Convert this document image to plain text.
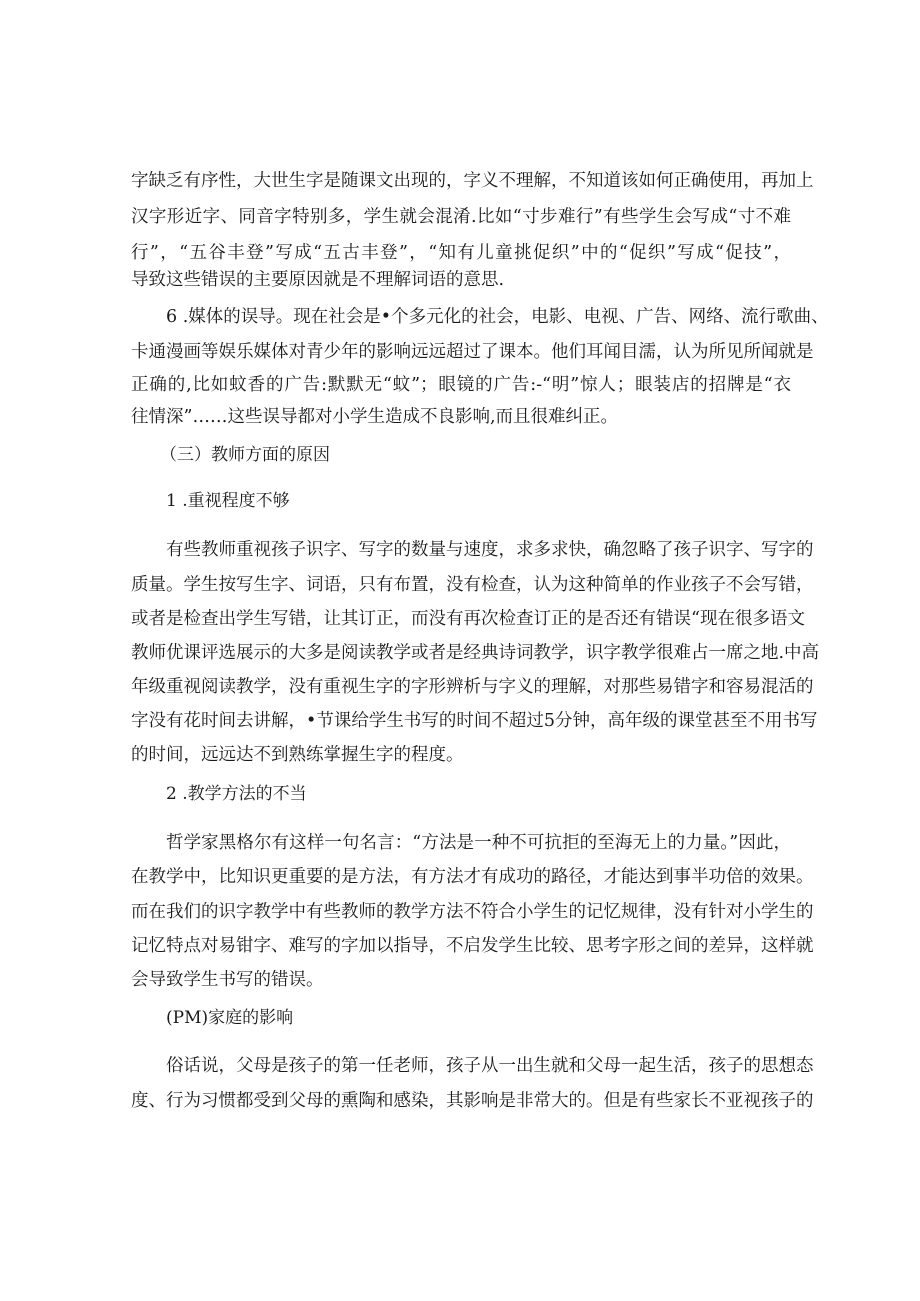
字缺乏有序性，大世生字是随课文出现的，字义不理解，不知道该如何正确使用，再加上
汉字形近字、同音字特别多，学生就会混淆.比如“寸步难行”有些学生会写成“寸不难
行”，“五谷丰登”写成“五古丰登”，“知有儿童挑促织”中的“促织”写成“促技”，
导致这些错误的主要原因就是不理解词语的意思.
6 .媒体的误导。现在社会是•个多元化的社会，电影、电视、广告、网络、流行歌曲、
卡通漫画等娱乐媒体对青少年的影响远远超过了课本。他们耳闻目濡，认为所见所闻就是
正确的,比如蚊香的广告:默默无“蚊”；眼镜的广告:-“明”惊人；眼装店的招牌是“衣
往情深”……这些误导都对小学生造成不良影响,而且很难纠正。
（三）教师方面的原因
1 .重视程度不够
有些教师重视孩子识字、写字的数量与速度，求多求快，确忽略了孩子识字、写字的
质量。学生按写生字、词语，只有布置，没有检查，认为这种简单的作业孩子不会写错，
或者是检查出学生写错，让其订正，而没有再次检查订正的是否还有错误“现在很多语文
教师优课评选展示的大多是阅读教学或者是经典诗词教学，识字教学很难占一席之地.中高
年级重视阅读教学，没有重视生字的字形辨析与字义的理解，对那些易错字和容易混活的
字没有花时间去讲解，•节课给学生书写的时间不超过5分钟，高年级的课堂甚至不用书写
的时间，远远达不到熟练掌握生字的程度。
2 .教学方法的不当
哲学家黑格尔有这样一句名言：“方法是一种不可抗拒的至海无上的力量。”因此，
在教学中，比知识更重要的是方法，有方法才有成功的路径，才能达到事半功倍的效果。
而在我们的识字教学中有些教师的教学方法不符合小学生的记忆规律，没有针对小学生的
记忆特点对易钳字、难写的字加以指导，不启发学生比较、思考字形之间的差异，这样就
会导致学生书写的错误。
(PM)家庭的影响
俗话说，父母是孩子的第一任老师，孩子从一出生就和父母一起生活，孩子的思想态
度、行为习惯都受到父母的熏陶和感染，其影响是非常大的。但是有些家长不亚视孩子的
